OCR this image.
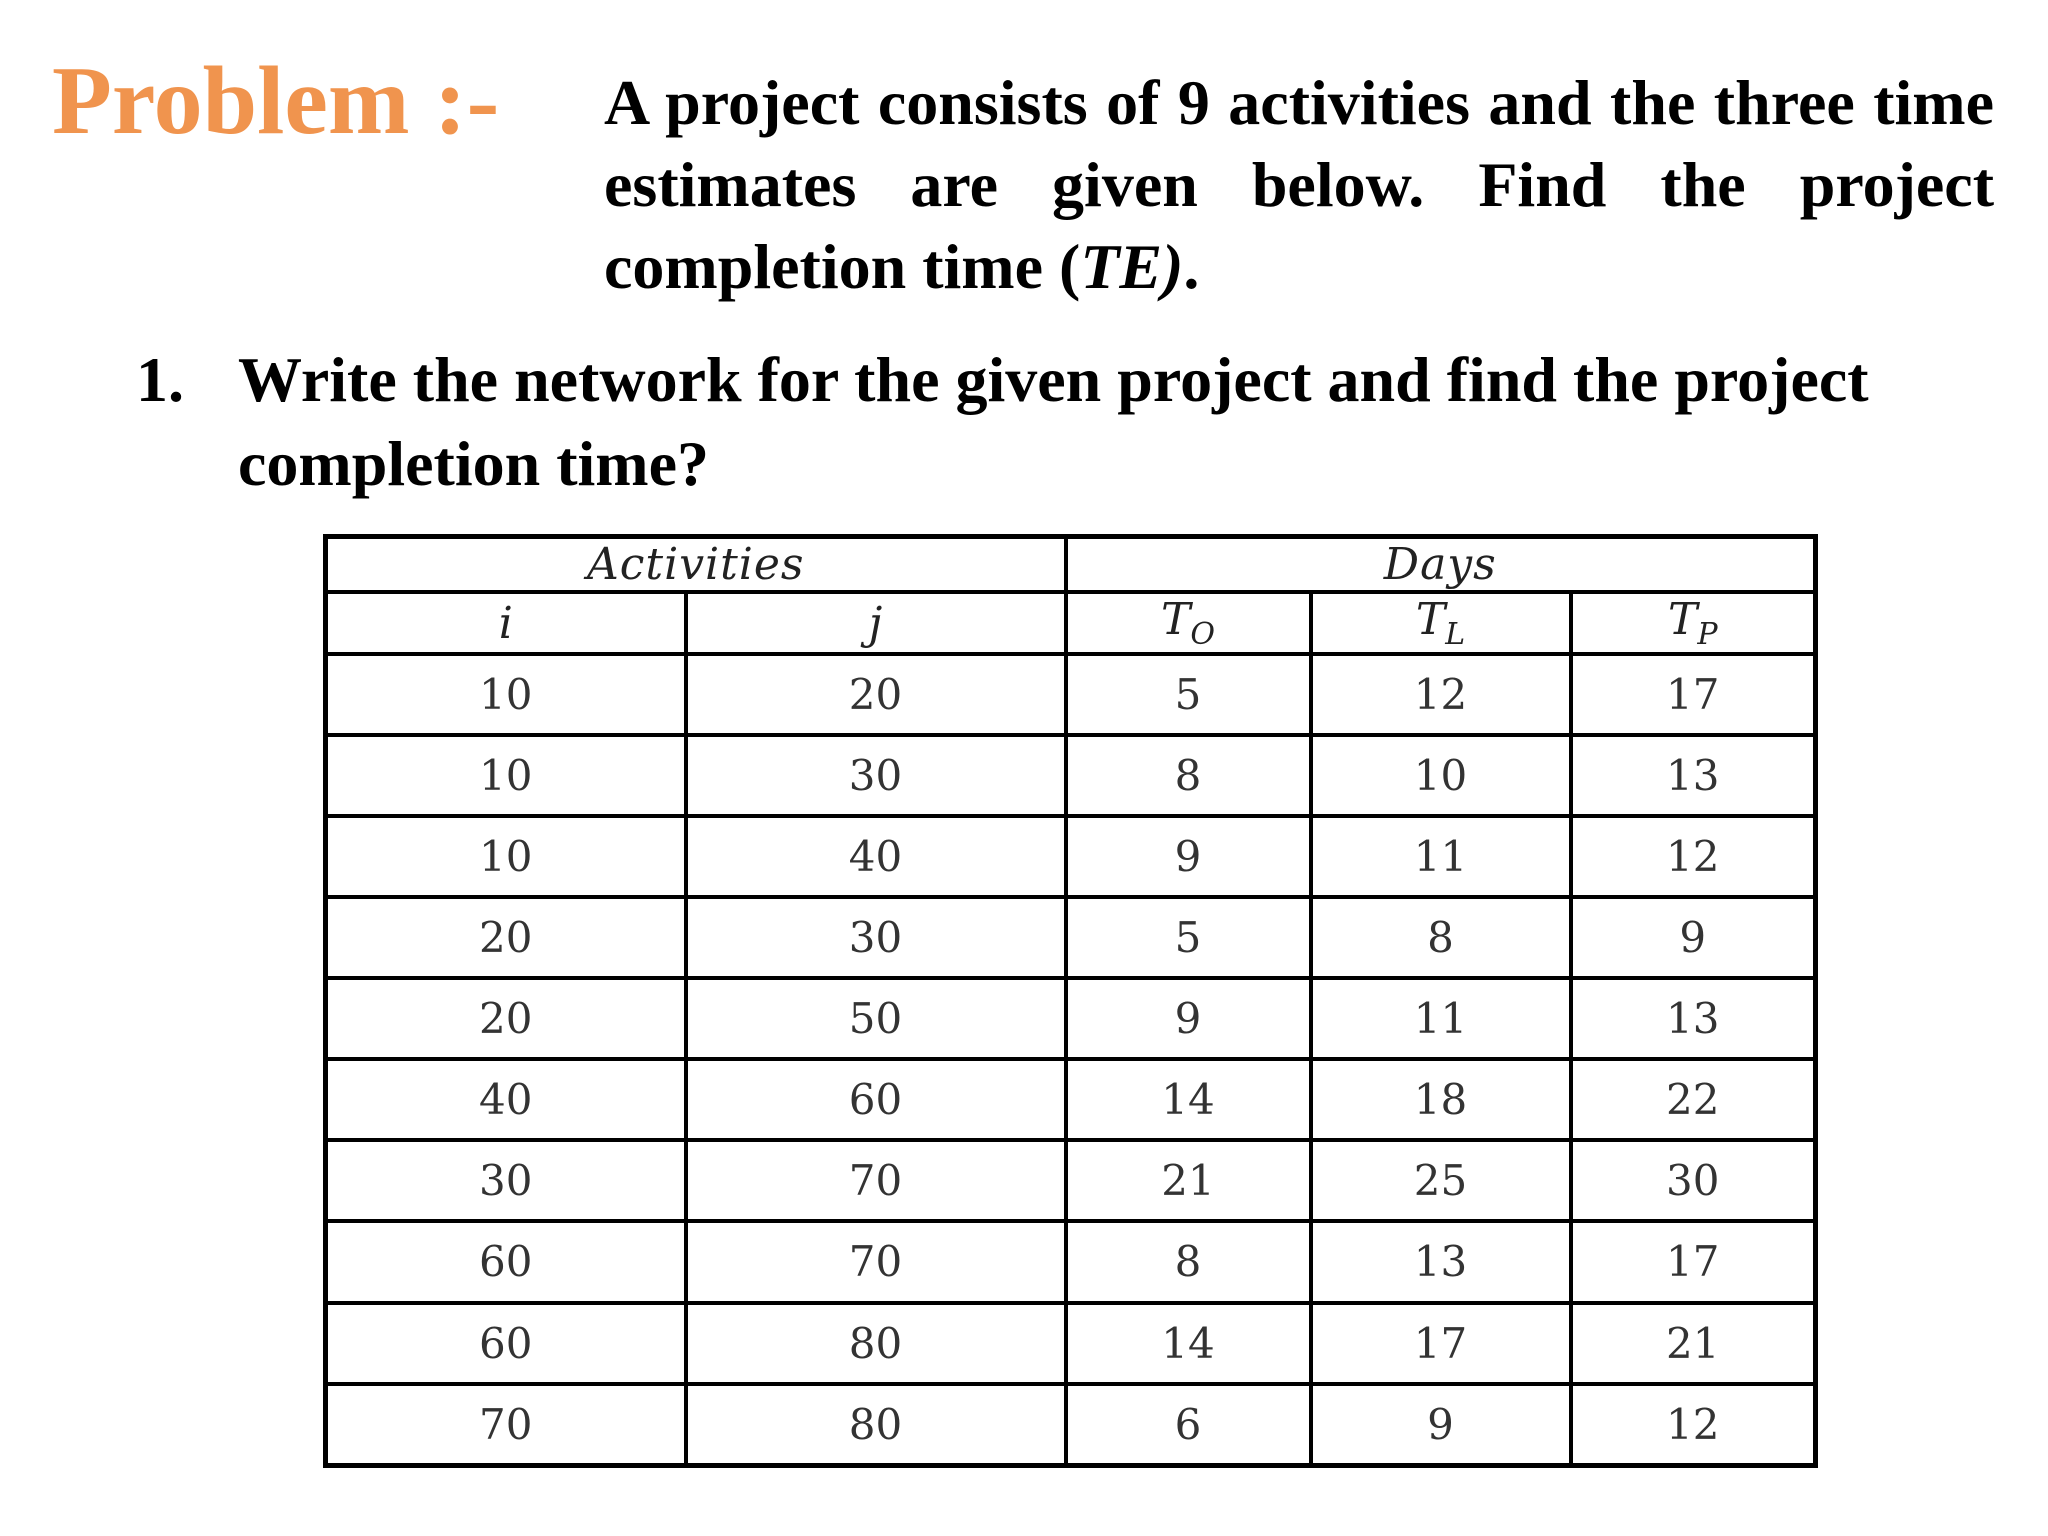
Problem :- A project consists of 9 activities and the three time estimates are given below. Find the project completion time (TE).
1. Write the network for the given project and find the project completion time?
Activities		Days		
i	j	$T_O$	$T_L$	$T_P$
10	20	5	12	17
10	30	8	10	13
10	40	9	11	12
20	30	5	8	9
20	50	9	11	13
40	60	14	18	22
30	70	21	25	30
60	70	8	13	17
60	80	14	17	21
70	80	6	9	12
